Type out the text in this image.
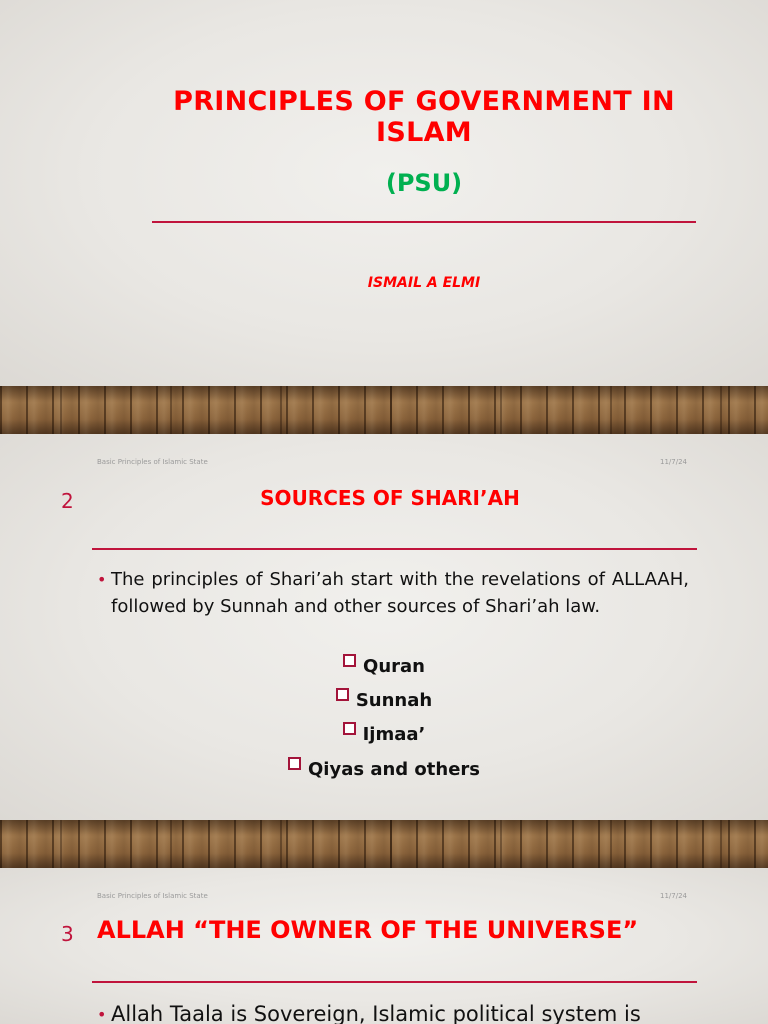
PRINCIPLES OF GOVERNMENT IN ISLAM
(PSU)
ISMAIL A ELMI
Basic Principles of Islamic State	11/7/24
2	SOURCES OF SHARI’AH
• The principles of Shari’ah start with the revelations of ALLAAH, followed by Sunnah and other sources of Shari’ah law.
Quran
Sunnah
Ijmaa’
Qiyas and others
Basic Principles of Islamic State	11/7/24
3 ALLAH “THE OWNER OF THE UNIVERSE”
• Allah Taala is Sovereign, Islamic political system is
